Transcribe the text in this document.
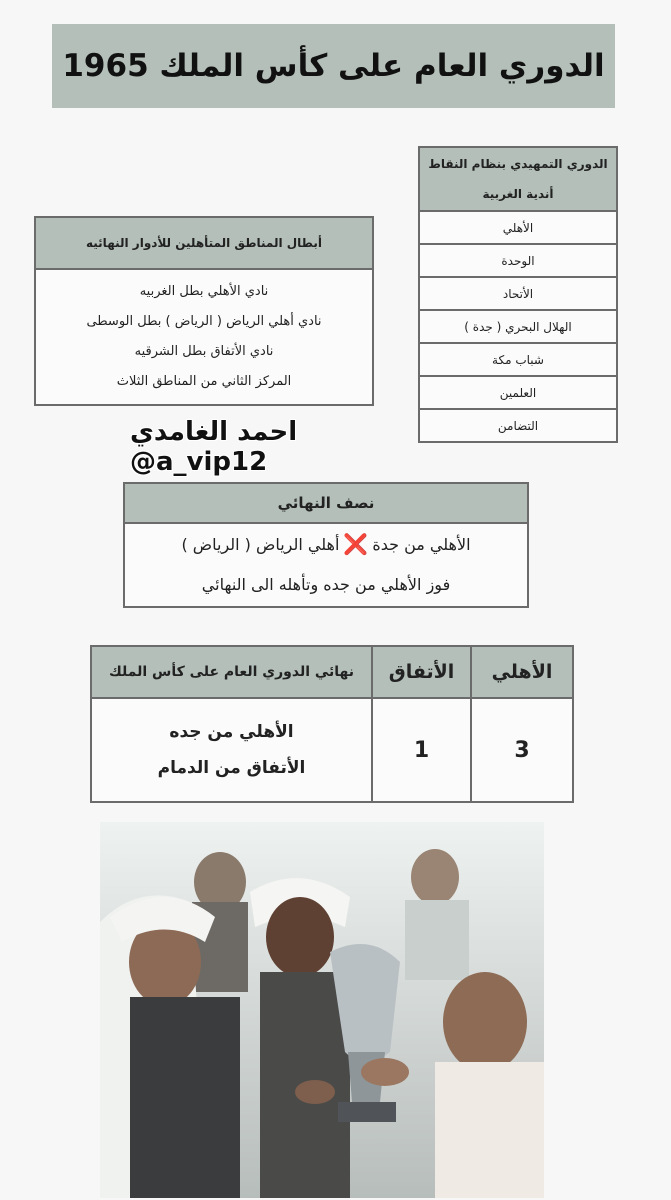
الدوري العام على كأس الملك 1965
الدوري التمهيدي بنظام النقاط
أندية الغربية

الأهلي
الوحدة
الأتحاد
الهلال البحري ( جدة )
شباب مكة
العلمين
التضامن
أبطال المناطق المتأهلين للأدوار النهائيه
نادي الأهلي بطل الغربيه
نادي أهلي الرياض ( الرياض ) بطل الوسطى
نادي الأتفاق بطل الشرقيه
المركز الثاني من المناطق الثلاث
احمد الغامدي @a_vip12
نصف النهائي
الأهلي من جدة
❌
أهلي الرياض ( الرياض )
فوز الأهلي من جده وتأهله الى النهائي
الأهلي	الأتفاق	نهائي الدوري العام على كأس الملك
3	1	الأهلي من جده
الأتفاق من الدمام
